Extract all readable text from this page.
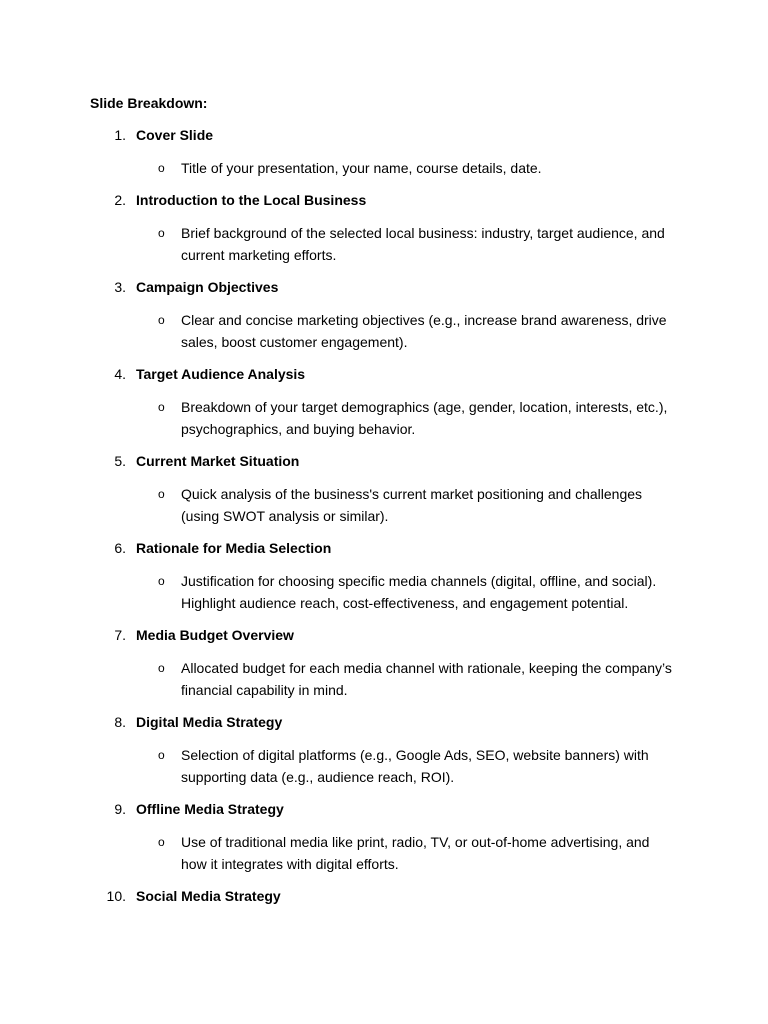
Slide Breakdown:
1. Cover Slide
o Title of your presentation, your name, course details, date.
2. Introduction to the Local Business
o Brief background of the selected local business: industry, target audience, and current marketing efforts.
3. Campaign Objectives
o Clear and concise marketing objectives (e.g., increase brand awareness, drive sales, boost customer engagement).
4. Target Audience Analysis
o Breakdown of your target demographics (age, gender, location, interests, etc.), psychographics, and buying behavior.
5. Current Market Situation
o Quick analysis of the business's current market positioning and challenges (using SWOT analysis or similar).
6. Rationale for Media Selection
o Justification for choosing specific media channels (digital, offline, and social). Highlight audience reach, cost-effectiveness, and engagement potential.
7. Media Budget Overview
o Allocated budget for each media channel with rationale, keeping the company’s financial capability in mind.
8. Digital Media Strategy
o Selection of digital platforms (e.g., Google Ads, SEO, website banners) with supporting data (e.g., audience reach, ROI).
9. Offline Media Strategy
o Use of traditional media like print, radio, TV, or out-of-home advertising, and how it integrates with digital efforts.
10. Social Media Strategy
